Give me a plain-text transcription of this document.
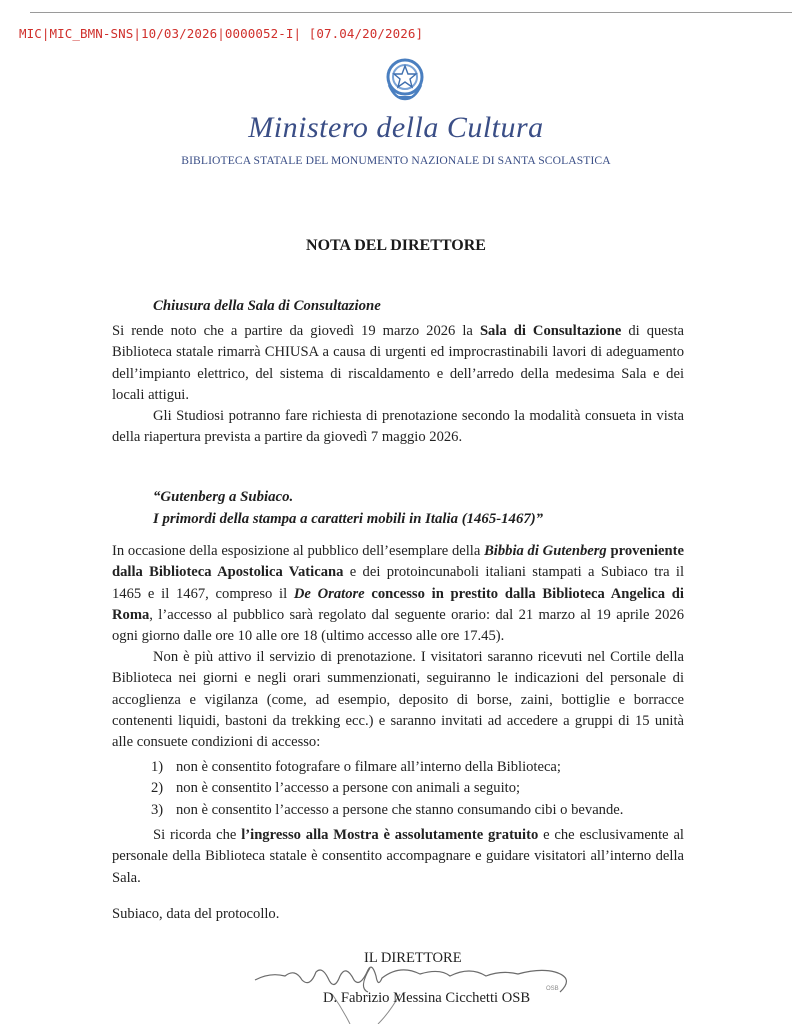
MIC|MIC_BMN-SNS|10/03/2026|0000052-I| [07.04/20/2026]
Ministero della Cultura
BIBLIOTECA STATALE DEL MONUMENTO NAZIONALE DI SANTA SCOLASTICA
NOTA DEL DIRETTORE
Chiusura della Sala di Consultazione
Si rende noto che a partire da giovedì 19 marzo 2026 la Sala di Consultazione di questa Biblioteca statale rimarrà CHIUSA a causa di urgenti ed improcrastinabili lavori di adeguamento dell’impianto elettrico, del sistema di riscaldamento e dell’arredo della medesima Sala e dei locali attigui.
Gli Studiosi potranno fare richiesta di prenotazione secondo la modalità consueta in vista della riapertura prevista a partire da giovedì 7 maggio 2026.
“Gutenberg a Subiaco.
I primordi della stampa a caratteri mobili in Italia (1465-1467)”
In occasione della esposizione al pubblico dell’esemplare della Bibbia di Gutenberg proveniente dalla Biblioteca Apostolica Vaticana e dei protoincunaboli italiani stampati a Subiaco tra il 1465 e il 1467, compreso il De Oratore concesso in prestito dalla Biblioteca Angelica di Roma, l’accesso al pubblico sarà regolato dal seguente orario: dal 21 marzo al 19 aprile 2026 ogni giorno dalle ore 10 alle ore 18 (ultimo accesso alle ore 17.45).
Non è più attivo il servizio di prenotazione. I visitatori saranno ricevuti nel Cortile della Biblioteca nei giorni e negli orari summenzionati, seguiranno le indicazioni del personale di accoglienza e vigilanza (come, ad esempio, deposito di borse, zaini, bottiglie e borracce contenenti liquidi, bastoni da trekking ecc.) e saranno invitati ad accedere a gruppi di 15 unità alle consuete condizioni di accesso:
1) non è consentito fotografare o filmare all’interno della Biblioteca;
2) non è consentito l’accesso a persone con animali a seguito;
3) non è consentito l’accesso a persone che stanno consumando cibi o bevande.
Si ricorda che l’ingresso alla Mostra è assolutamente gratuito e che esclusivamente al personale della Biblioteca statale è consentito accompagnare e guidare visitatori all’interno della Sala.
Subiaco, data del protocollo.
IL DIRETTORE
OSB
D. Fabrizio Messina Cicchetti OSB
